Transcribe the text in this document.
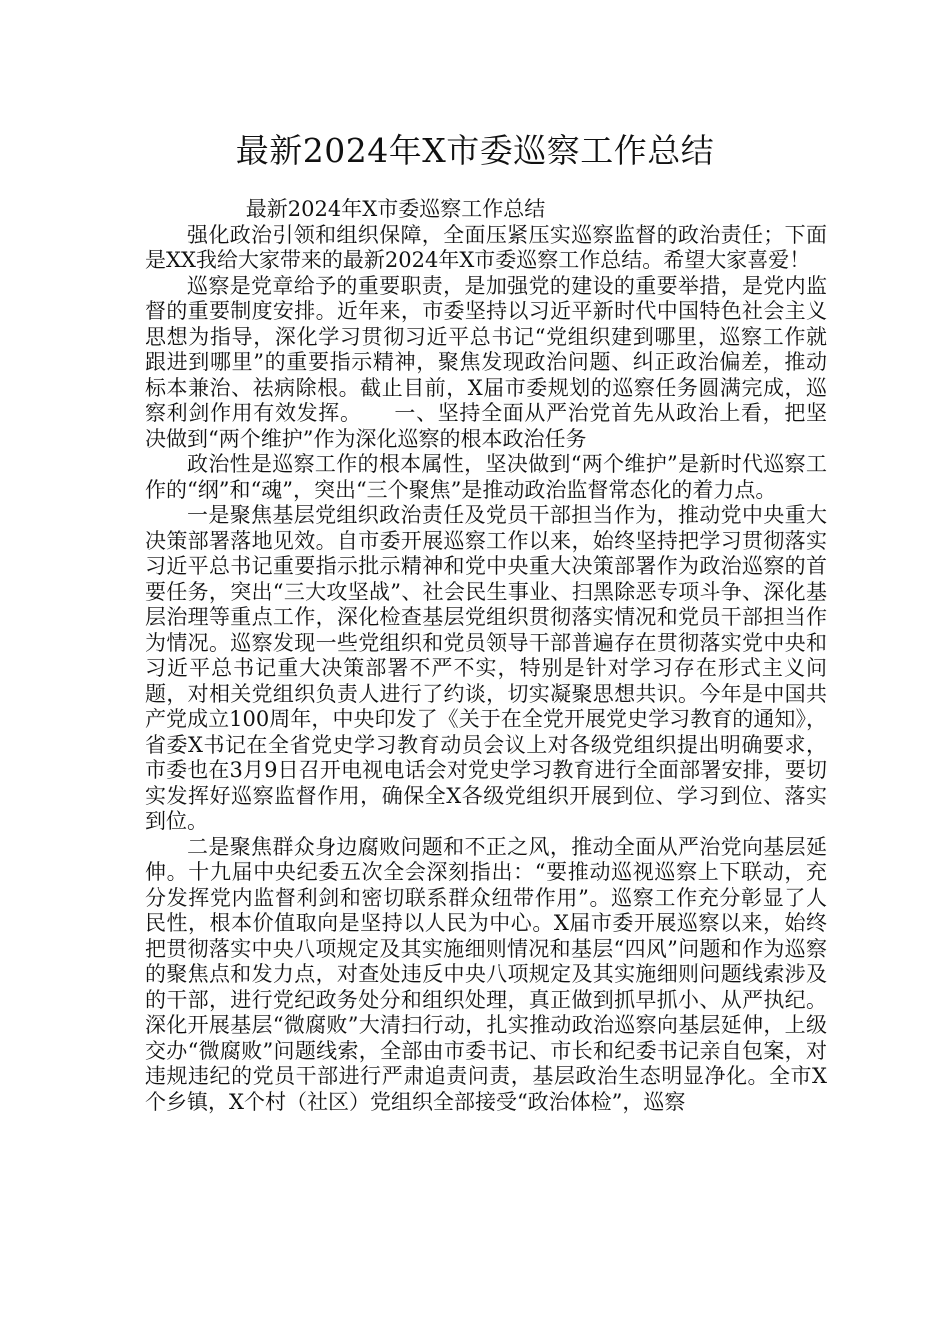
最新2024年X市委巡察工作总结

最新2024年X市委巡察工作总结

强化政治引领和组织保障，全面压紧压实巡察监督的政治责任；下面是XX我给大家带来的最新2024年X市委巡察工作总结。希望大家喜爱！

巡察是党章给予的重要职责，是加强党的建设的重要举措，是党内监督的重要制度安排。近年来，市委坚持以习近平新时代中国特色社会主义思想为指导，深化学习贯彻习近平总书记“党组织建到哪里，巡察工作就跟进到哪里”的重要指示精神，聚焦发现政治问题、纠正政治偏差，推动标本兼治、祛病除根。截止目前，X届市委规划的巡察任务圆满完成，巡察利剑作用有效发挥。　　一、坚持全面从严治党首先从政治上看，把坚决做到“两个维护”作为深化巡察的根本政治任务

政治性是巡察工作的根本属性，坚决做到“两个维护”是新时代巡察工作的“纲”和“魂”，突出“三个聚焦”是推动政治监督常态化的着力点。

一是聚焦基层党组织政治责任及党员干部担当作为，推动党中央重大决策部署落地见效。自市委开展巡察工作以来，始终坚持把学习贯彻落实习近平总书记重要指示批示精神和党中央重大决策部署作为政治巡察的首要任务，突出“三大攻坚战”、社会民生事业、扫黑除恶专项斗争、深化基层治理等重点工作，深化检查基层党组织贯彻落实情况和党员干部担当作为情况。巡察发现一些党组织和党员领导干部普遍存在贯彻落实党中央和习近平总书记重大决策部署不严不实，特别是针对学习存在形式主义问题，对相关党组织负责人进行了约谈，切实凝聚思想共识。今年是中国共产党成立100周年，中央印发了《关于在全党开展党史学习教育的通知》，省委X书记在全省党史学习教育动员会议上对各级党组织提出明确要求，市委也在3月9日召开电视电话会对党史学习教育进行全面部署安排，要切实发挥好巡察监督作用，确保全X各级党组织开展到位、学习到位、落实到位。

二是聚焦群众身边腐败问题和不正之风，推动全面从严治党向基层延伸。十九届中央纪委五次全会深刻指出：“要推动巡视巡察上下联动，充分发挥党内监督利剑和密切联系群众纽带作用”。巡察工作充分彰显了人民性，根本价值取向是坚持以人民为中心。X届市委开展巡察以来，始终把贯彻落实中央八项规定及其实施细则情况和基层“四风”问题和作为巡察的聚焦点和发力点，对查处违反中央八项规定及其实施细则问题线索涉及的干部，进行党纪政务处分和组织处理，真正做到抓早抓小、从严执纪。深化开展基层“微腐败”大清扫行动，扎实推动政治巡察向基层延伸，上级交办“微腐败”问题线索，全部由市委书记、市长和纪委书记亲自包案，对违规违纪的党员干部进行严肃追责问责，基层政治生态明显净化。全市X个乡镇，X个村（社区）党组织全部接受“政治体检”，巡察
